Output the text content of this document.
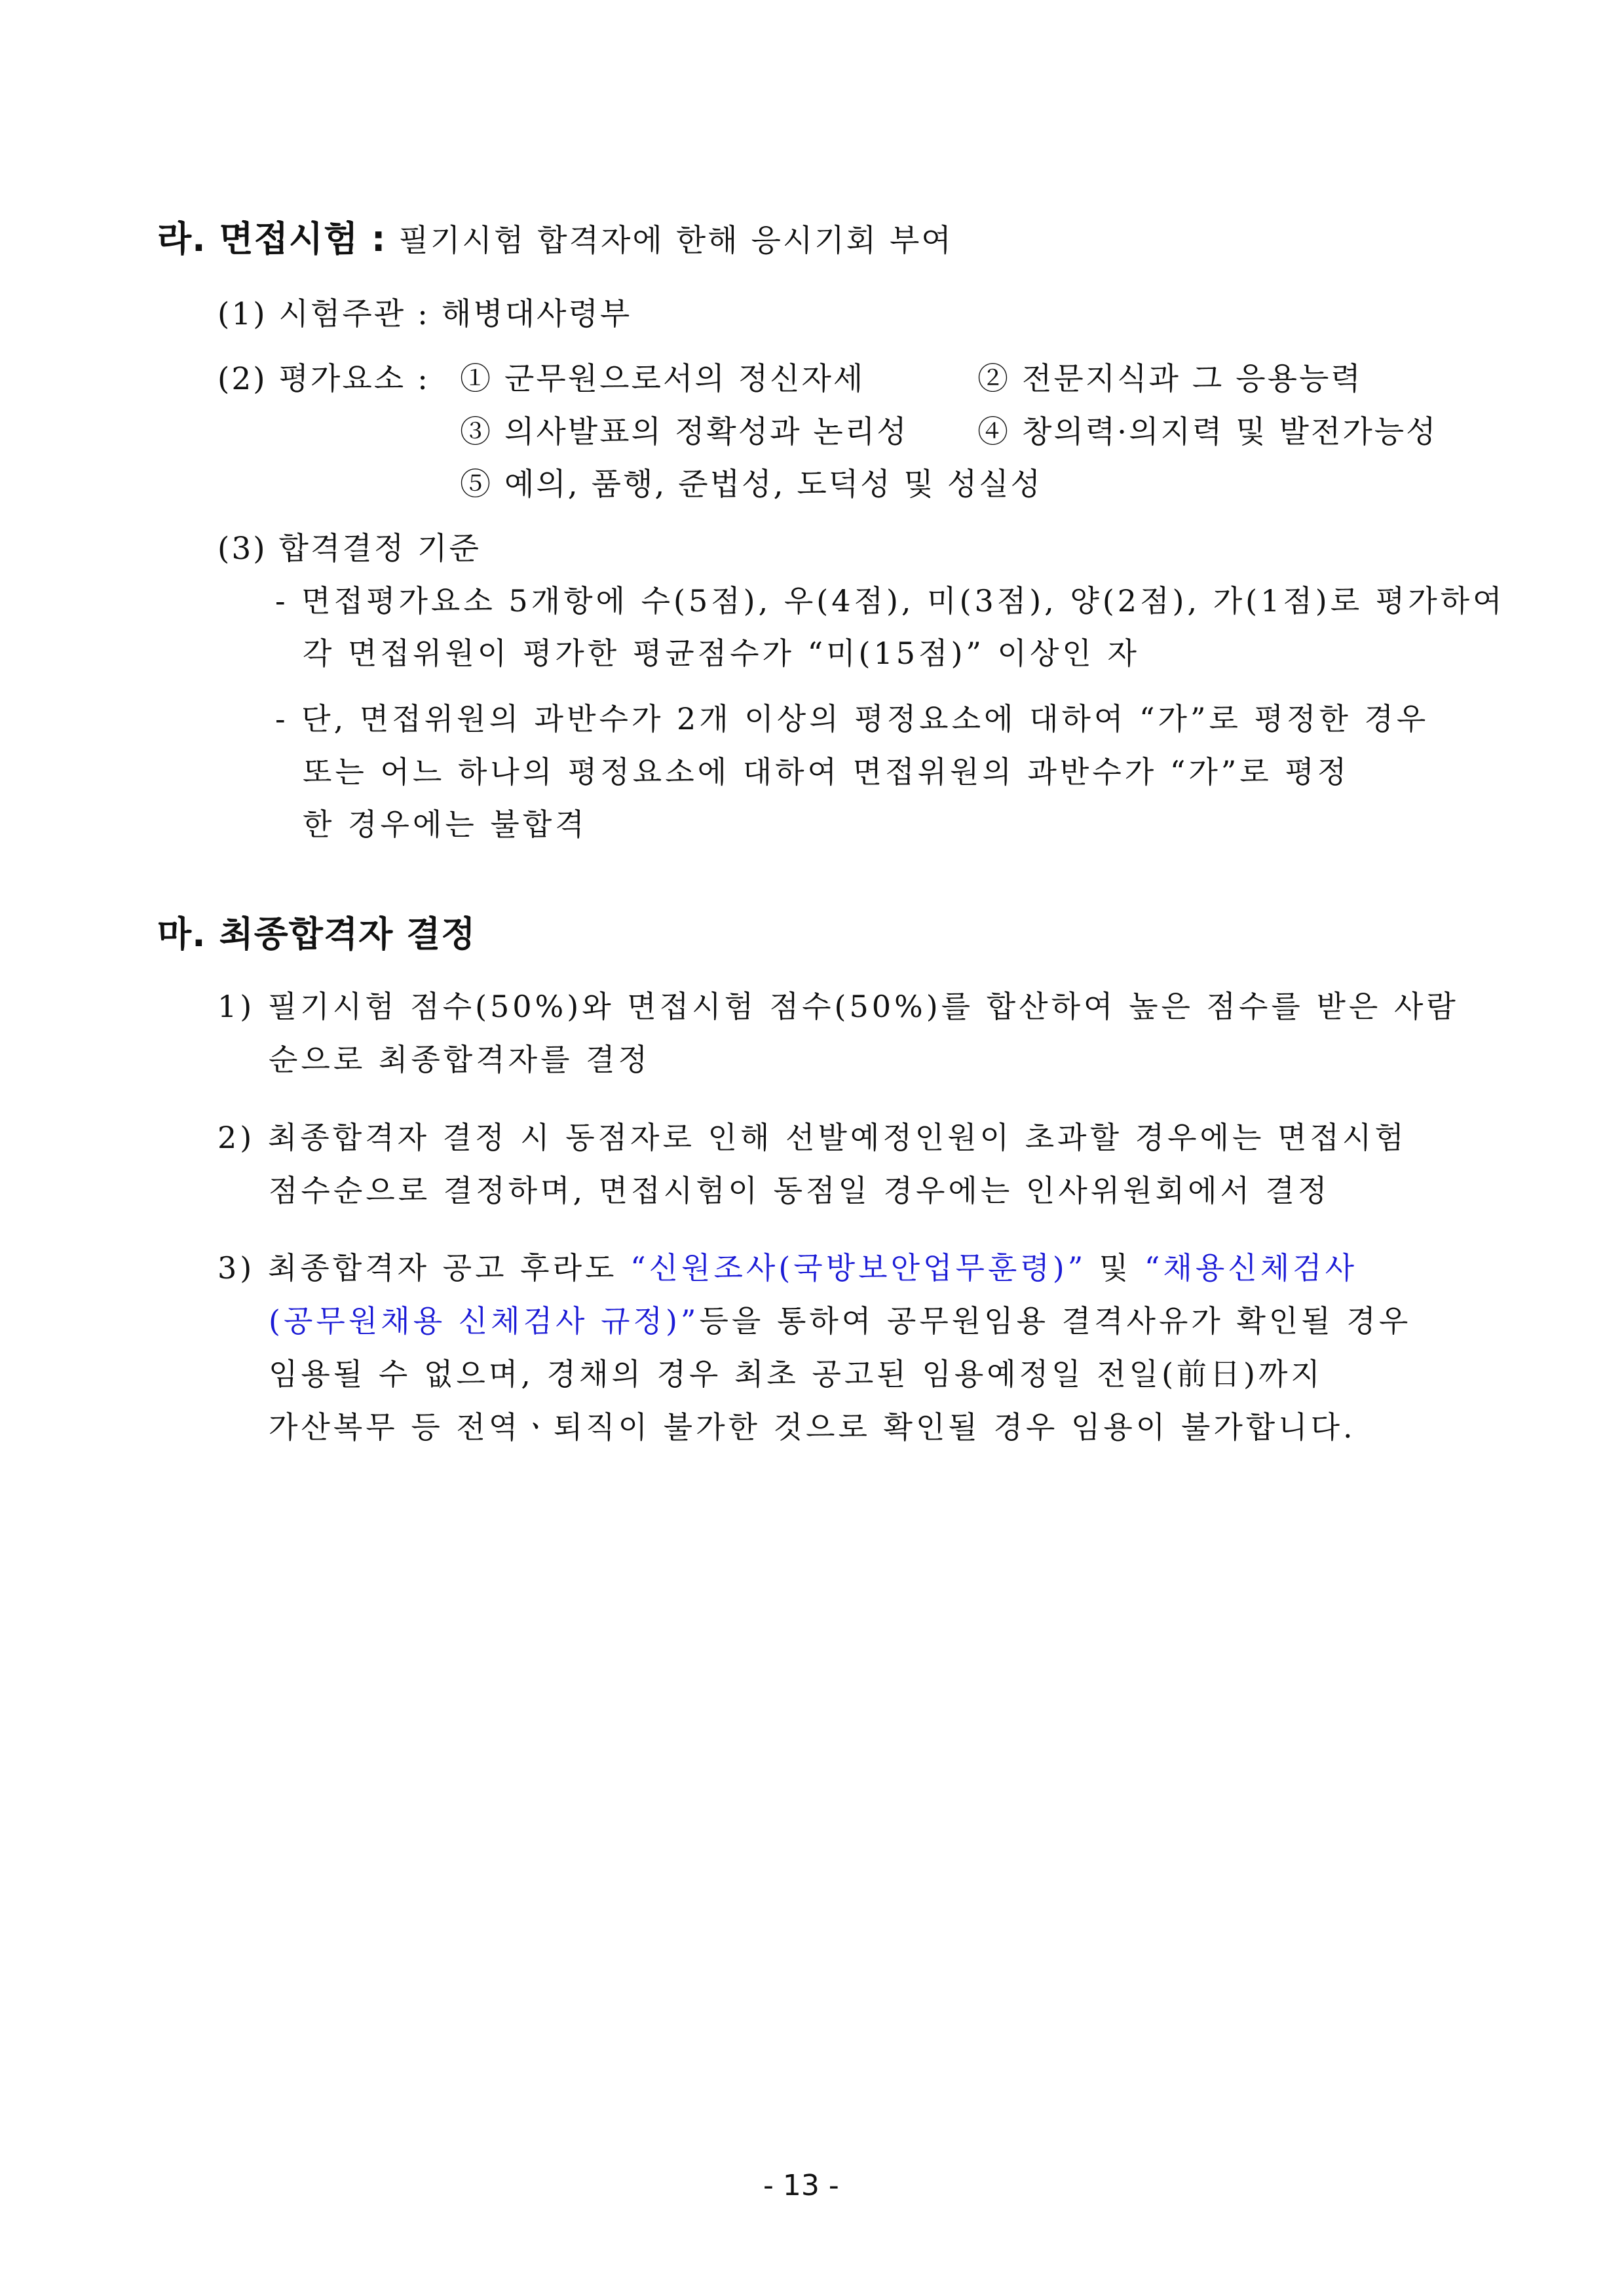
라. 면접시험 : 필기시험 합격자에 한해 응시기회 부여
(1) 시험주관 : 해병대사령부
(2) 평가요소 : ① 군무원으로서의 정신자세	② 전문지식과 그 응용능력
③ 의사발표의 정확성과 논리성 ④ 창의력·의지력 및 발전가능성
⑤ 예의, 품행, 준법성, 도덕성 및 성실성
(3) 합격결정 기준
- 면접평가요소 5개항에 수(5점), 우(4점), 미(3점), 양(2점), 가(1점)로 평가하여
각 면접위원이 평가한 평균점수가 “미(15점)” 이상인 자
- 단, 면접위원의 과반수가 2개 이상의 평정요소에 대하여 “가”로 평정한 경우
또는 어느 하나의 평정요소에 대하여 면접위원의 과반수가 “가”로 평정
한 경우에는 불합격
마. 최종합격자 결정
1) 필기시험 점수(50%)와 면접시험 점수(50%)를 합산하여 높은 점수를 받은 사람
순으로 최종합격자를 결정
2) 최종합격자 결정 시 동점자로 인해 선발예정인원이 초과할 경우에는 면접시험
점수순으로 결정하며, 면접시험이 동점일 경우에는 인사위원회에서 결정
3) 최종합격자 공고 후라도 “신원조사(국방보안업무훈령)” 및 “채용신체검사
(공무원채용 신체검사 규정)”등을 통하여 공무원임용 결격사유가 확인될 경우
임용될 수 없으며, 경채의 경우 최초 공고된 임용예정일 전일(前日)까지
가산복무 등 전역ㆍ퇴직이 불가한 것으로 확인될 경우 임용이 불가합니다.
- 13 -
